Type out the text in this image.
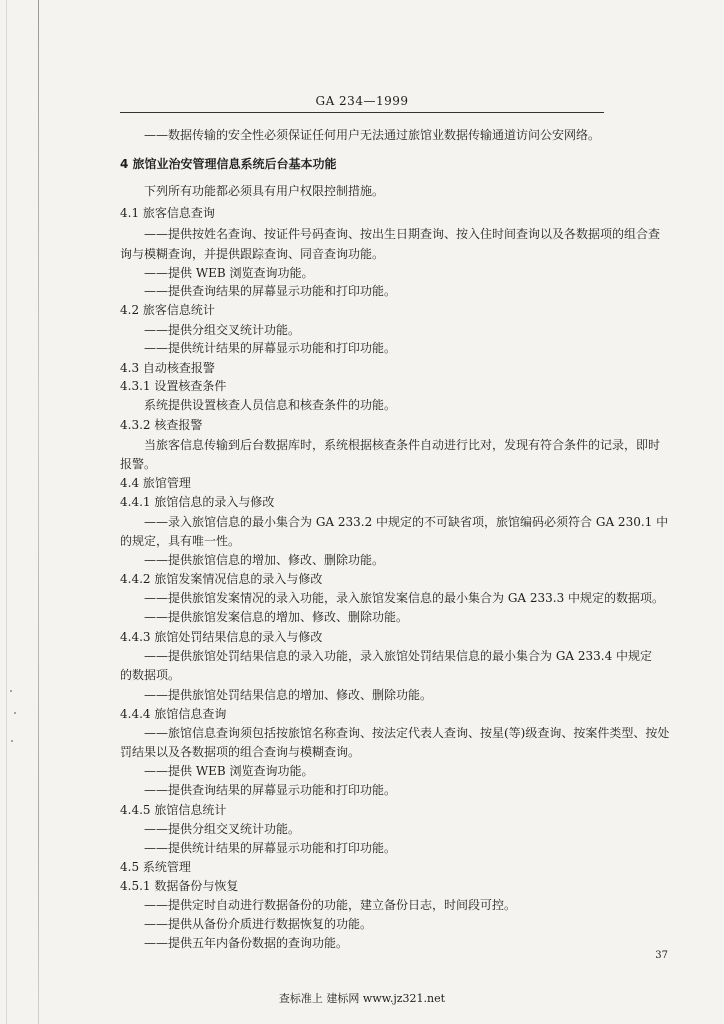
GA 234—1999
——数据传输的安全性必须保证任何用户无法通过旅馆业数据传输通道访问公安网络。
4 旅馆业治安管理信息系统后台基本功能
下列所有功能都必须具有用户权限控制措施。
4.1 旅客信息查询
——提供按姓名查询、按证件号码查询、按出生日期查询、按入住时间查询以及各数据项的组合查
询与模糊查询，并提供跟踪查询、同音查询功能。
——提供 WEB 浏览查询功能。
——提供查询结果的屏幕显示功能和打印功能。
4.2 旅客信息统计
——提供分组交叉统计功能。
——提供统计结果的屏幕显示功能和打印功能。
4.3 自动核查报警
4.3.1 设置核查条件
系统提供设置核查人员信息和核查条件的功能。
4.3.2 核查报警
当旅客信息传输到后台数据库时，系统根据核查条件自动进行比对，发现有符合条件的记录，即时
报警。
4.4 旅馆管理
4.4.1 旅馆信息的录入与修改
——录入旅馆信息的最小集合为 GA 233.2 中规定的不可缺省项，旅馆编码必须符合 GA 230.1 中
的规定，具有唯一性。
——提供旅馆信息的增加、修改、删除功能。
4.4.2 旅馆发案情况信息的录入与修改
——提供旅馆发案情况的录入功能，录入旅馆发案信息的最小集合为 GA 233.3 中规定的数据项。
——提供旅馆发案信息的增加、修改、删除功能。
4.4.3 旅馆处罚结果信息的录入与修改
——提供旅馆处罚结果信息的录入功能，录入旅馆处罚结果信息的最小集合为 GA 233.4 中规定
的数据项。
——提供旅馆处罚结果信息的增加、修改、删除功能。
4.4.4 旅馆信息查询
——旅馆信息查询须包括按旅馆名称查询、按法定代表人查询、按星(等)级查询、按案件类型、按处
罚结果以及各数据项的组合查询与模糊查询。
——提供 WEB 浏览查询功能。
——提供查询结果的屏幕显示功能和打印功能。
4.4.5 旅馆信息统计
——提供分组交叉统计功能。
——提供统计结果的屏幕显示功能和打印功能。
4.5 系统管理
4.5.1 数据备份与恢复
——提供定时自动进行数据备份的功能，建立备份日志，时间段可控。
——提供从备份介质进行数据恢复的功能。
——提供五年内备份数据的查询功能。
37
查标准上 建标网 www.jz321.net
